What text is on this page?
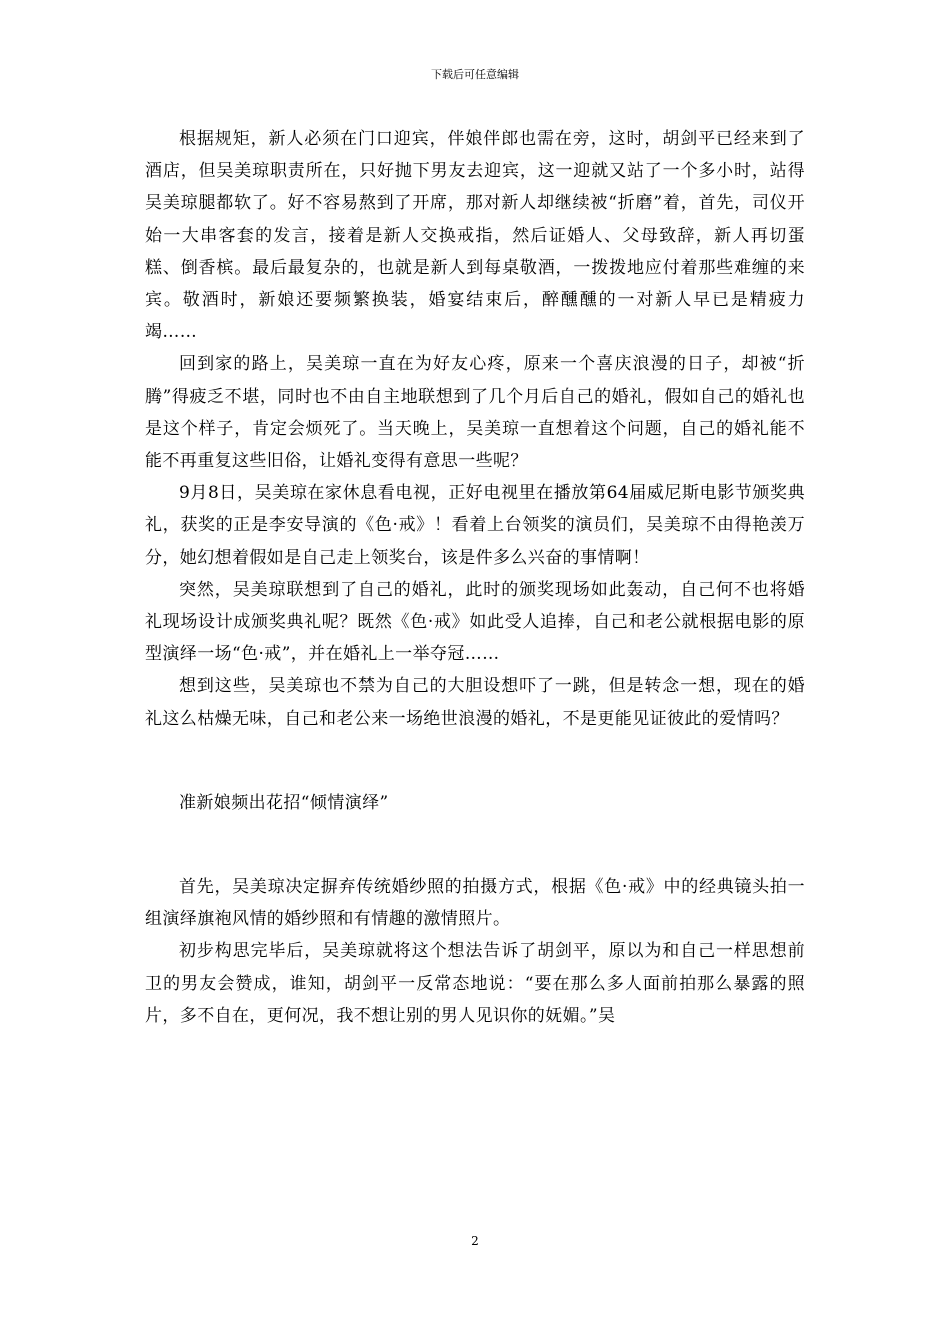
下载后可任意编辑

根据规矩，新人必须在门口迎宾，伴娘伴郎也需在旁，这时，胡剑平已经来到了酒店，但吴美琼职责所在，只好抛下男友去迎宾，这一迎就又站了一个多小时，站得吴美琼腿都软了。好不容易熬到了开席，那对新人却继续被“折磨”着，首先，司仪开始一大串客套的发言，接着是新人交换戒指，然后证婚人、父母致辞，新人再切蛋糕、倒香槟。最后最复杂的，也就是新人到每桌敬酒，一拨拨地应付着那些难缠的来宾。敬酒时，新娘还要频繁换装，婚宴结束后，醉醺醺的一对新人早已是精疲力竭……

回到家的路上，吴美琼一直在为好友心疼，原来一个喜庆浪漫的日子，却被“折腾”得疲乏不堪，同时也不由自主地联想到了几个月后自己的婚礼，假如自己的婚礼也是这个样子，肯定会烦死了。当天晚上，吴美琼一直想着这个问题，自己的婚礼能不能不再重复这些旧俗，让婚礼变得有意思一些呢？

9月8日，吴美琼在家休息看电视，正好电视里在播放第64届威尼斯电影节颁奖典礼，获奖的正是李安导演的《色·戒》！看着上台领奖的演员们，吴美琼不由得艳羡万分，她幻想着假如是自己走上领奖台，该是件多么兴奋的事情啊！

突然，吴美琼联想到了自己的婚礼，此时的颁奖现场如此轰动，自己何不也将婚礼现场设计成颁奖典礼呢？既然《色·戒》如此受人追捧，自己和老公就根据电影的原型演绎一场“色·戒”，并在婚礼上一举夺冠……

想到这些，吴美琼也不禁为自己的大胆设想吓了一跳，但是转念一想，现在的婚礼这么枯燥无味，自己和老公来一场绝世浪漫的婚礼，不是更能见证彼此的爱情吗？

准新娘频出花招“倾情演绎”

首先，吴美琼决定摒弃传统婚纱照的拍摄方式，根据《色·戒》中的经典镜头拍一组演绎旗袍风情的婚纱照和有情趣的激情照片。

初步构思完毕后，吴美琼就将这个想法告诉了胡剑平，原以为和自己一样思想前卫的男友会赞成，谁知，胡剑平一反常态地说：“要在那么多人面前拍那么暴露的照片，多不自在，更何况，我不想让别的男人见识你的妩媚。”吴

2
